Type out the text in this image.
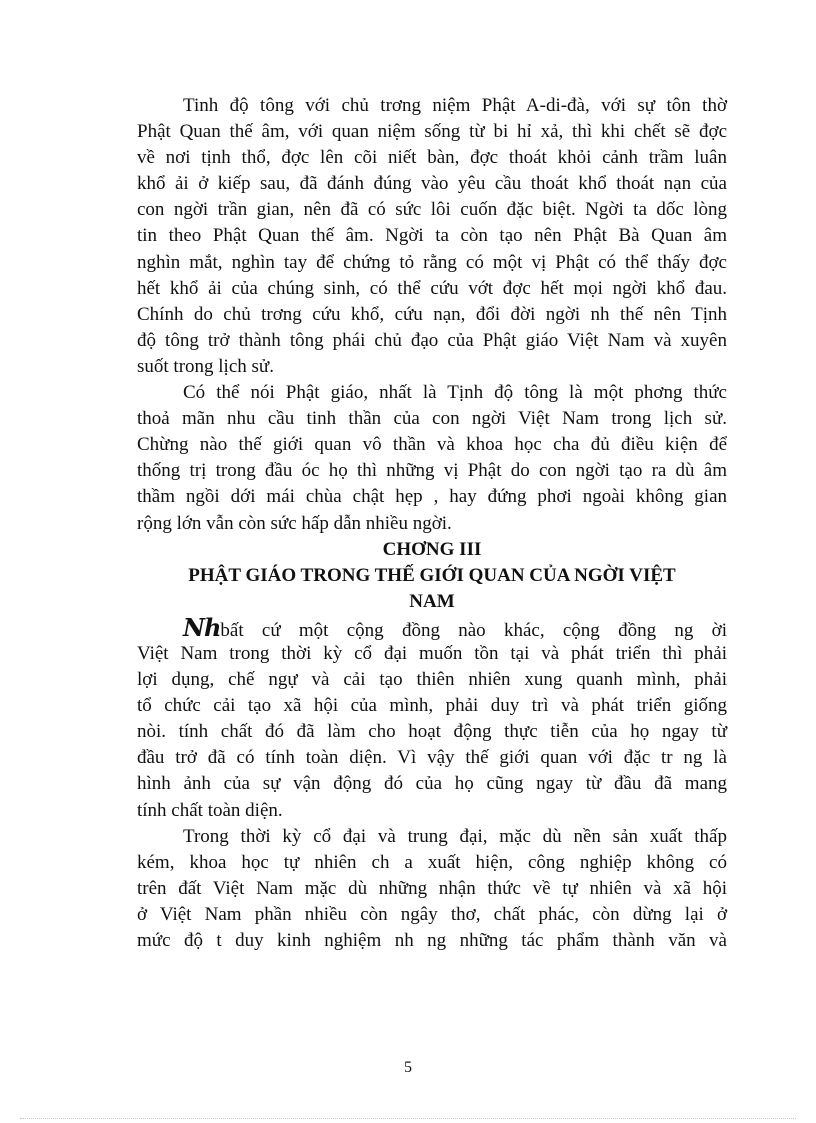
Tinh độ tông với chủ trơng niệm Phật A-di-đà, với sự tôn thờ
Phật Quan thế âm, với quan niệm sống từ bi hỉ xả, thì khi chết sẽ đợc
về nơi tịnh thổ, đợc lên cõi niết bàn, đợc thoát khỏi cảnh trầm luân
khổ ải ở kiếp sau, đã đánh đúng vào yêu cầu thoát khổ thoát nạn của
con ngời trần gian, nên đã có sức lôi cuốn đặc biệt. Ngời ta dốc lòng
tin theo Phật Quan thế âm. Ngời ta còn tạo nên Phật Bà Quan âm
nghìn mắt, nghìn tay để chứng tỏ rằng có một vị Phật có thể thấy đợc
hết khổ ải của chúng sinh, có thể cứu vớt đợc hết mọi ngời khổ đau.
Chính do chủ trơng cứu khổ, cứu nạn, đổi đời ngời nh thế nên Tịnh
độ tông trở thành tông phái chủ đạo của Phật giáo Việt Nam và xuyên
suốt trong lịch sử.
Có thể nói Phật giáo, nhất là Tịnh độ tông là một phơng thức
thoả mãn nhu cầu tinh thần của con ngời Việt Nam trong lịch sử.
Chừng nào thế giới quan vô thần và khoa học cha đủ điều kiện để
thống trị trong đầu óc họ thì những vị Phật do con ngời tạo ra dù âm
thầm ngồi dới mái chùa chật hẹp , hay đứng phơi ngoài không gian
rộng lớn vẫn còn sức hấp dẫn nhiều ngời.
CHƠNG III
PHẬT GIÁO TRONG THẾ GIỚI QUAN CỦA NGỜI VIỆT
NAM
Nhbất cứ một cộng đồng nào khác, cộng đồng ng ời
Việt Nam trong thời kỳ cổ đại muốn tồn tại và phát triển thì phải
lợi dụng, chế ngự và cải tạo thiên nhiên xung quanh mình, phải
tổ chức cải tạo xã hội của mình, phải duy trì và phát triển giống
nòi. tính chất đó đã làm cho hoạt động thực tiễn của họ ngay từ
đầu trở đã có tính toàn diện. Vì vậy thế giới quan với đặc tr ng là
hình ảnh của sự vận động đó của họ cũng ngay từ đầu đã mang
tính chất toàn diện.
Trong thời kỳ cổ đại và trung đại, mặc dù nền sản xuất thấp
kém, khoa học tự nhiên ch a xuất hiện, công nghiệp không có
trên đất Việt Nam mặc dù những nhận thức về tự nhiên và xã hội
ở Việt Nam phần nhiều còn ngây thơ, chất phác, còn dừng lại ở
mức độ t duy kinh nghiệm nh ng những tác phẩm thành văn và
5
